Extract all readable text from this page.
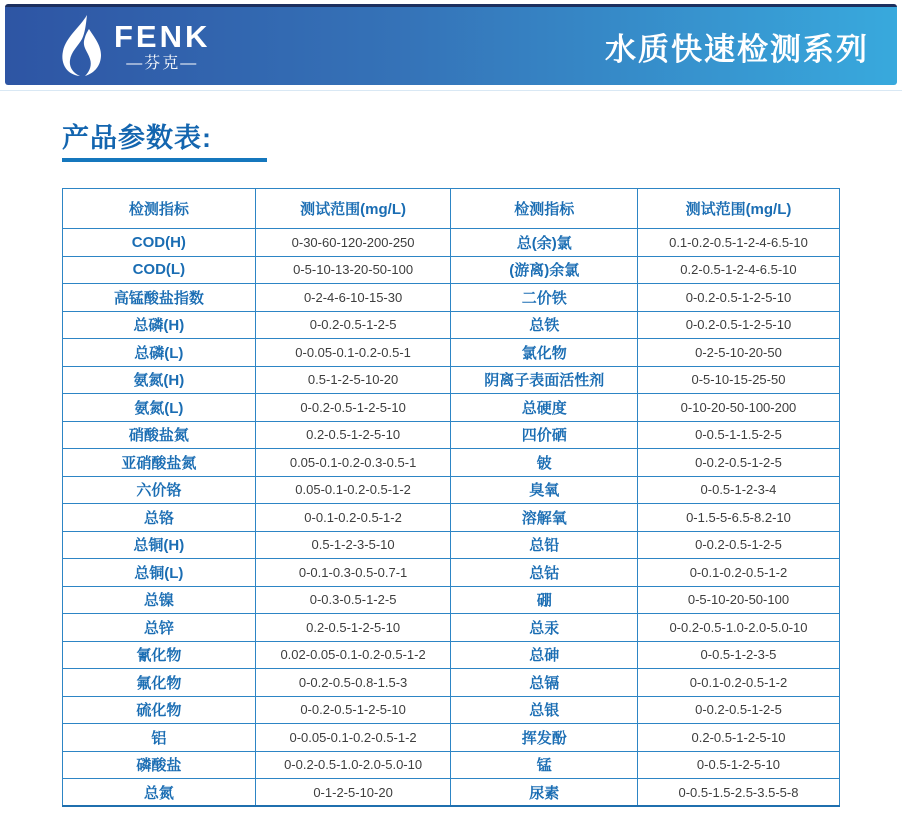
FENK
—芬克—	水质快速检测系列
产品参数表:
检测指标	测试范围(mg/L)	检测指标	测试范围(mg/L)
COD(H)	0-30-60-120-200-250	总(余)氯	0.1-0.2-0.5-1-2-4-6.5-10
COD(L)	0-5-10-13-20-50-100	(游离)余氯	0.2-0.5-1-2-4-6.5-10
高锰酸盐指数	0-2-4-6-10-15-30	二价铁	0-0.2-0.5-1-2-5-10
总磷(H)	0-0.2-0.5-1-2-5	总铁	0-0.2-0.5-1-2-5-10
总磷(L)	0-0.05-0.1-0.2-0.5-1	氯化物	0-2-5-10-20-50
氨氮(H)	0.5-1-2-5-10-20	阴离子表面活性剂	0-5-10-15-25-50
氨氮(L)	0-0.2-0.5-1-2-5-10	总硬度	0-10-20-50-100-200
硝酸盐氮	0.2-0.5-1-2-5-10	四价硒	0-0.5-1-1.5-2-5
亚硝酸盐氮	0.05-0.1-0.2-0.3-0.5-1	铍	0-0.2-0.5-1-2-5
六价铬	0.05-0.1-0.2-0.5-1-2	臭氧	0-0.5-1-2-3-4
总铬	0-0.1-0.2-0.5-1-2	溶解氧	0-1.5-5-6.5-8.2-10
总铜(H)	0.5-1-2-3-5-10	总铅	0-0.2-0.5-1-2-5
总铜(L)	0-0.1-0.3-0.5-0.7-1	总钴	0-0.1-0.2-0.5-1-2
总镍	0-0.3-0.5-1-2-5	硼	0-5-10-20-50-100
总锌	0.2-0.5-1-2-5-10	总汞	0-0.2-0.5-1.0-2.0-5.0-10
氰化物	0.02-0.05-0.1-0.2-0.5-1-2	总砷	0-0.5-1-2-3-5
氟化物	0-0.2-0.5-0.8-1.5-3	总镉	0-0.1-0.2-0.5-1-2
硫化物	0-0.2-0.5-1-2-5-10	总银	0-0.2-0.5-1-2-5
铝	0-0.05-0.1-0.2-0.5-1-2	挥发酚	0.2-0.5-1-2-5-10
磷酸盐	0-0.2-0.5-1.0-2.0-5.0-10	锰	0-0.5-1-2-5-10
总氮	0-1-2-5-10-20	尿素	0-0.5-1.5-2.5-3.5-5-8
